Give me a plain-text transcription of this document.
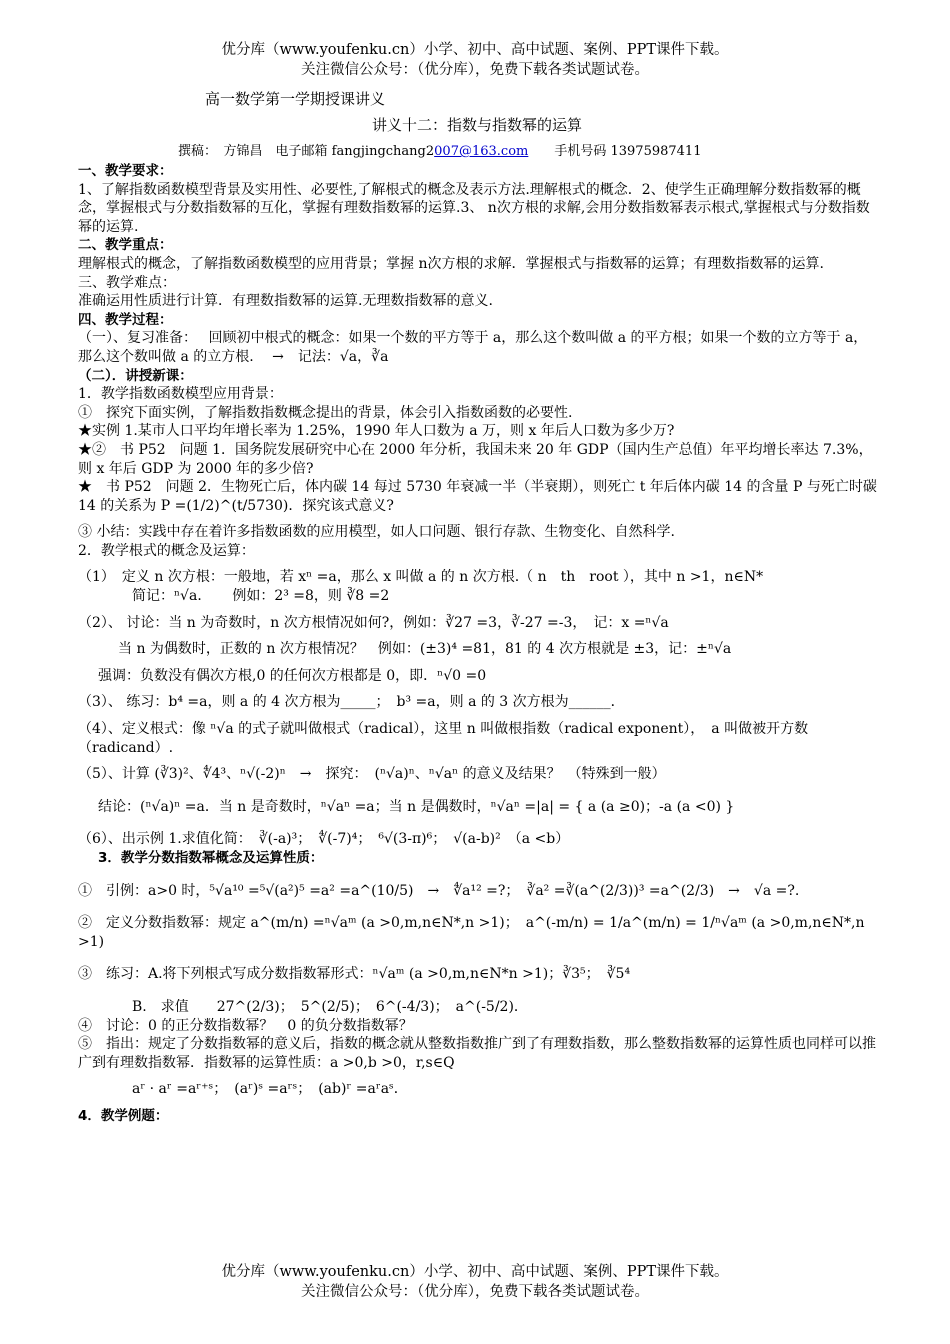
优分库（www.youfenku.cn）小学、初中、高中试题、案例、PPT课件下载。
关注微信公众号：（优分库），免费下载各类试题试卷。
高一数学第一学期授课讲义
讲义十二：指数与指数幂的运算
撰稿：　方锦昌　电子邮箱 fangjingchang2007@163.com　　手机号码 13975987411

一、教学要求：

1、了解指数函数模型背景及实用性、必要性,了解根式的概念及表示方法.理解根式的概念．2、使学生正确理解分数指数幂的概念，掌握根式与分数指数幂的互化，掌握有理数指数幂的运算.3、 n次方根的求解,会用分数指数幂表示根式,掌握根式与分数指数幂的运算.

二、教学重点：

理解根式的概念，了解指数函数模型的应用背景；掌握 n次方根的求解．掌握根式与指数幂的运算；有理数指数幂的运算.

三、教学难点：

准确运用性质进行计算．有理数指数幂的运算.无理数指数幂的意义.

四、教学过程：

（一）、复习准备：　 回顾初中根式的概念：如果一个数的平方等于 a，那么这个数叫做 a 的平方根；如果一个数的立方等于 a，那么这个数叫做 a 的立方根.　 →　记法：√a，∛a

（二）．讲授新课：

1．教学指数函数模型应用背景：

①　探究下面实例，了解指数指数概念提出的背景，体会引入指数函数的必要性.

★实例 1.某市人口平均年增长率为 1.25%，1990 年人口数为 a 万，则 x 年后人口数为多少万?

★②　书 P52　问题 1．国务院发展研究中心在 2000 年分析，我国未来 20 年 GDP（国内生产总值）年平均增长率达 7.3%，　则 x 年后 GDP 为 2000 年的多少倍?

★　书 P52　问题 2．生物死亡后，体内碳 14 每过 5730 年衰减一半（半衰期），则死亡 t 年后体内碳 14 的含量 P 与死亡时碳 14 的关系为 P =(1/2)^(t/5730)．探究该式意义?

③ 小结：实践中存在着许多指数函数的应用模型，如人口问题、银行存款、生物变化、自然科学.

2．教学根式的概念及运算：

（1）　定义 n 次方根：一般地，若 xⁿ =a，那么 x 叫做 a 的 n 次方根.（ n　th　root ），其中 n >1，n∈N*

简记：ⁿ√a．　　例如：2³ =8，则 ∛8 =2

（2）、 讨论：当 n 为奇数时，n 次方根情况如何?，例如：∛27 =3，∛-27 =-3，　记：x =ⁿ√a

当 n 为偶数时，正数的 n 次方根情况？　例如：(±3)⁴ =81，81 的 4 次方根就是 ±3，记：±ⁿ√a

强调：负数没有偶次方根,0 的任何次方根都是 0，即．ⁿ√0 =0

（3）、 练习：b⁴ =a，则 a 的 4 次方根为_____；　b³ =a，则 a 的 3 次方根为______．

（4）、定义根式：像 ⁿ√a 的式子就叫做根式（radical），这里 n 叫做根指数（radical exponent），　a 叫做被开方数（radicand）.

（5）、计算 (∛3)²、∜4³、ⁿ√(-2)ⁿ　→　探究：　(ⁿ√a)ⁿ、ⁿ√aⁿ 的意义及结果？　（特殊到一般）

结论：(ⁿ√a)ⁿ =a．当 n 是奇数时，ⁿ√aⁿ =a；当 n 是偶数时，ⁿ√aⁿ =|a| = { a (a ≥0)；-a (a <0) }

（6）、出示例 1.求值化简：　∛(-a)³；　∜(-7)⁴；　⁶√(3-π)⁶；　√(a-b)²　（a <b）

3．教学分数指数幂概念及运算性质：

①　引例：a>0 时，⁵√a¹⁰ =⁵√(a²)⁵ =a² =a^(10/5)　→　∜a¹² =?；　∛a² =∛(a^(2/3))³ =a^(2/3)　→　√a =?.

②　定义分数指数幂：规定 a^(m/n) =ⁿ√aᵐ (a >0,m,n∈N*,n >1)；　a^(-m/n) = 1/a^(m/n) = 1/ⁿ√aᵐ (a >0,m,n∈N*,n >1)

③　练习：A.将下列根式写成分数指数幂形式：ⁿ√aᵐ (a >0,m,n∈N*n >1)；∛3⁵；　∛5⁴

B.　求值　　27^(2/3)；　5^(2/5)；　6^(-4/3)；　a^(-5/2)．

④　讨论：0 的正分数指数幂？　0 的负分数指数幂？

⑤　指出：规定了分数指数幂的意义后，指数的概念就从整数指数推广到了有理数指数，那么整数指数幂的运算性质也同样可以推广到有理数指数幂．指数幂的运算性质：a >0,b >0，r,s∈Q

aʳ · aʳ =aʳ⁺ˢ；　(aʳ)ˢ =aʳˢ；　(ab)ʳ =aʳaˢ．

4．教学例题：

优分库（www.youfenku.cn）小学、初中、高中试题、案例、PPT课件下载。
关注微信公众号：（优分库），免费下载各类试题试卷。
